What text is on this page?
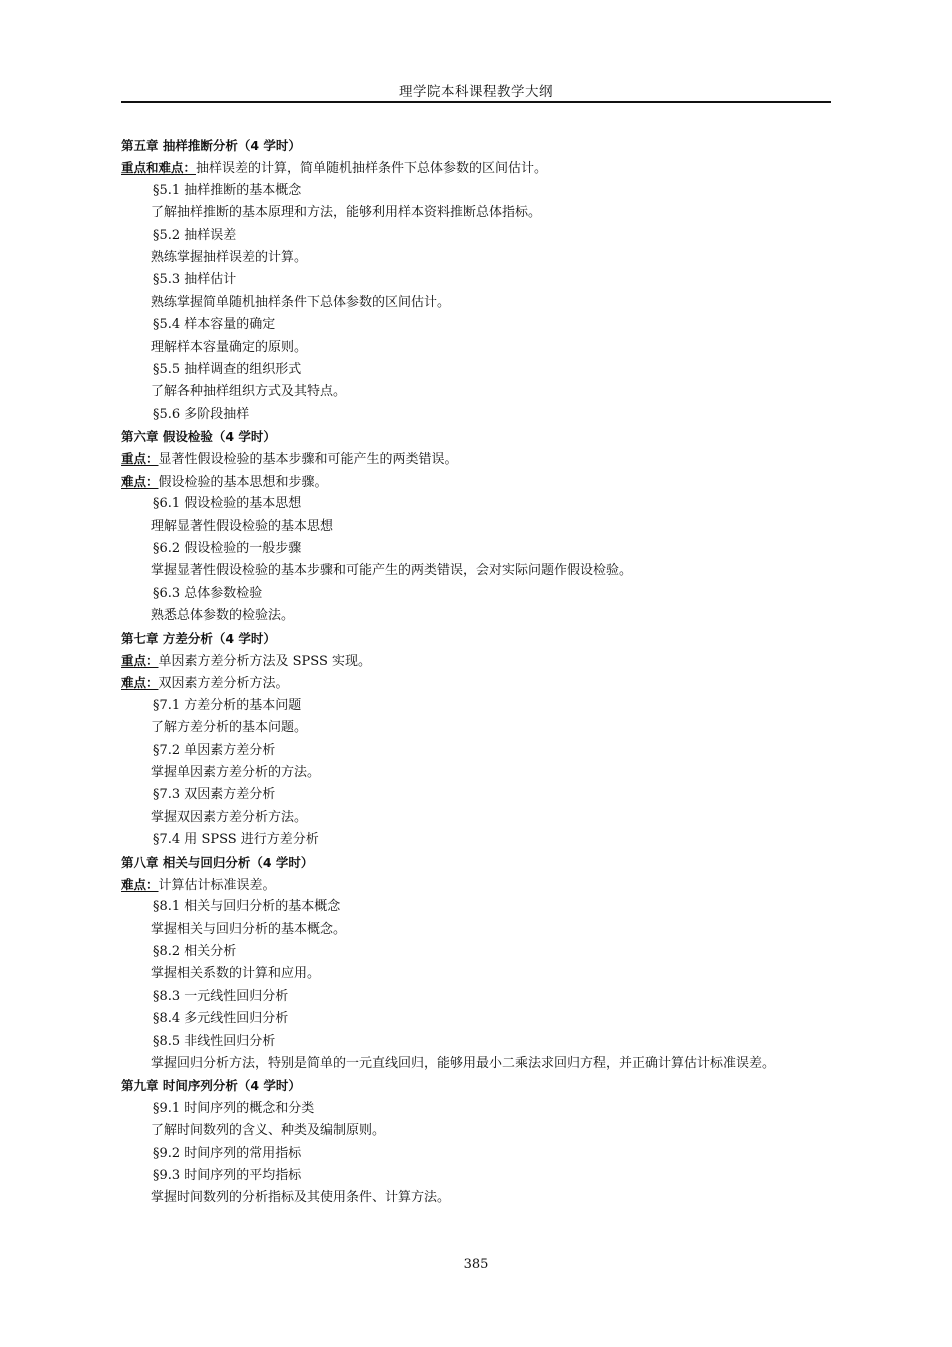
理学院本科课程教学大纲
第五章 抽样推断分析（4 学时）
重点和难点：抽样误差的计算，简单随机抽样条件下总体参数的区间估计。
§5.1 抽样推断的基本概念
了解抽样推断的基本原理和方法，能够利用样本资料推断总体指标。
§5.2 抽样误差
熟练掌握抽样误差的计算。
§5.3 抽样估计
熟练掌握简单随机抽样条件下总体参数的区间估计。
§5.4 样本容量的确定
理解样本容量确定的原则。
§5.5 抽样调查的组织形式
了解各种抽样组织方式及其特点。
§5.6 多阶段抽样
第六章 假设检验（4 学时）
重点：显著性假设检验的基本步骤和可能产生的两类错误。
难点：假设检验的基本思想和步骤。
§6.1 假设检验的基本思想
理解显著性假设检验的基本思想
§6.2 假设检验的一般步骤
掌握显著性假设检验的基本步骤和可能产生的两类错误，会对实际问题作假设检验。
§6.3 总体参数检验
熟悉总体参数的检验法。
第七章 方差分析（4 学时）
重点：单因素方差分析方法及 SPSS 实现。
难点：双因素方差分析方法。
§7.1 方差分析的基本问题
了解方差分析的基本问题。
§7.2 单因素方差分析
掌握单因素方差分析的方法。
§7.3 双因素方差分析
掌握双因素方差分析方法。
§7.4 用 SPSS 进行方差分析
第八章 相关与回归分析（4 学时）
难点：计算估计标准误差。
§8.1 相关与回归分析的基本概念
掌握相关与回归分析的基本概念。
§8.2 相关分析
掌握相关系数的计算和应用。
§8.3 一元线性回归分析
§8.4 多元线性回归分析
§8.5 非线性回归分析
掌握回归分析方法，特别是简单的一元直线回归，能够用最小二乘法求回归方程，并正确计算估计标准误差。
第九章 时间序列分析（4 学时）
§9.1 时间序列的概念和分类
了解时间数列的含义、种类及编制原则。
§9.2 时间序列的常用指标
§9.3 时间序列的平均指标
掌握时间数列的分析指标及其使用条件、计算方法。
385
